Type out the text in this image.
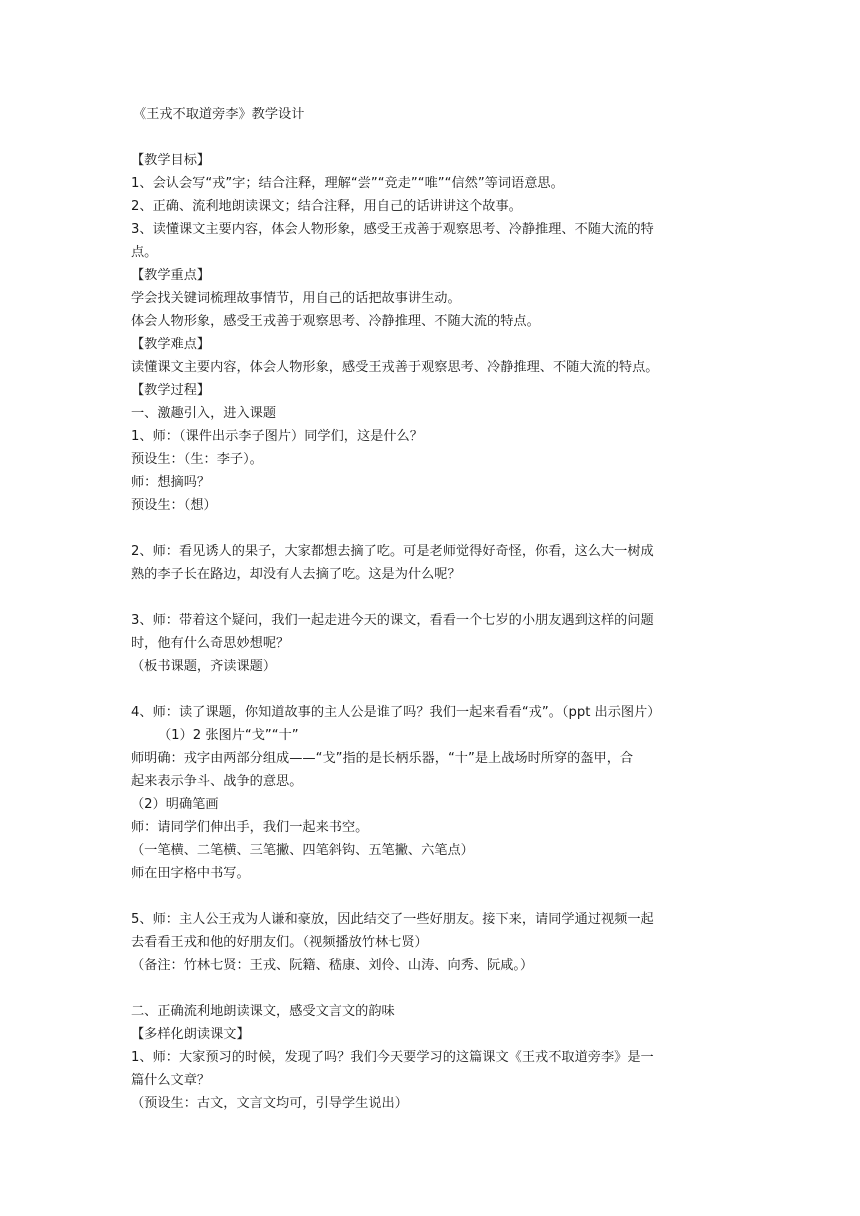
《王戎不取道旁李》教学设计
【教学目标】
1、会认会写“戎”字；结合注释，理解“尝”“竞走”“唯”“信然”等词语意思。
2、正确、流利地朗读课文；结合注释，用自己的话讲讲这个故事。
3、读懂课文主要内容，体会人物形象，感受王戎善于观察思考、冷静推理、不随大流的特
点。
【教学重点】
学会找关键词梳理故事情节，用自己的话把故事讲生动。
体会人物形象，感受王戎善于观察思考、冷静推理、不随大流的特点。
【教学难点】
读懂课文主要内容，体会人物形象，感受王戎善于观察思考、冷静推理、不随大流的特点。
【教学过程】
一、激趣引入，进入课题
1、师：（课件出示李子图片）同学们，这是什么？
预设生：（生：李子）。
师：想摘吗？
预设生：（想）
2、师：看见诱人的果子，大家都想去摘了吃。可是老师觉得好奇怪，你看，这么大一树成
熟的李子长在路边，却没有人去摘了吃。这是为什么呢？
3、师：带着这个疑问，我们一起走进今天的课文，看看一个七岁的小朋友遇到这样的问题
时，他有什么奇思妙想呢？
（板书课题，齐读课题）
4、师：读了课题，你知道故事的主人公是谁了吗？我们一起来看看“戎”。（ppt 出示图片）
（1）2 张图片“戈”“十”
师明确：戎字由两部分组成——“戈”指的是长柄乐器，“十”是上战场时所穿的盔甲，合
起来表示争斗、战争的意思。
（2）明确笔画
师：请同学们伸出手，我们一起来书空。
（一笔横、二笔横、三笔撇、四笔斜钩、五笔撇、六笔点）
师在田字格中书写。
5、师：主人公王戎为人谦和豪放，因此结交了一些好朋友。接下来，请同学通过视频一起
去看看王戎和他的好朋友们。（视频播放竹林七贤）
（备注：竹林七贤：王戎、阮籍、嵇康、刘伶、山涛、向秀、阮咸。）
二、正确流利地朗读课文，感受文言文的韵味
【多样化朗读课文】
1、师：大家预习的时候，发现了吗？我们今天要学习的这篇课文《王戎不取道旁李》是一
篇什么文章？
（预设生：古文，文言文均可，引导学生说出）
